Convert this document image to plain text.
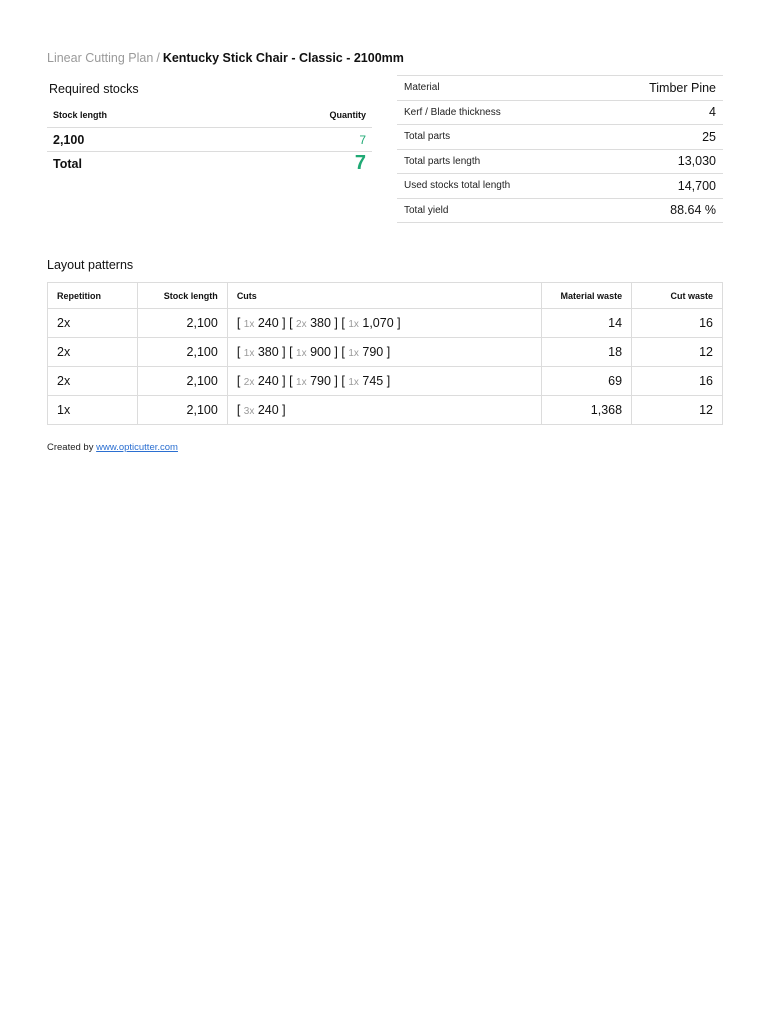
Linear Cutting Plan / Kentucky Stick Chair - Classic - 2100mm
Required stocks
Stock length	Quantity
2,100	7
Total	7
Material	Timber Pine
Kerf / Blade thickness	4
Total parts	25
Total parts length	13,030
Used stocks total length	14,700
Total yield	88.64 %
Layout patterns
Repetition	Stock length	Cuts	Material waste	Cut waste
2x	2,100	[ 1x 240 ] [ 2x 380 ] [ 1x 1,070 ]	14	16
2x	2,100	[ 1x 380 ] [ 1x 900 ] [ 1x 790 ]	18	12
2x	2,100	[ 2x 240 ] [ 1x 790 ] [ 1x 745 ]	69	16
1x	2,100	[ 3x 240 ]	1,368	12
Created by www.opticutter.com
